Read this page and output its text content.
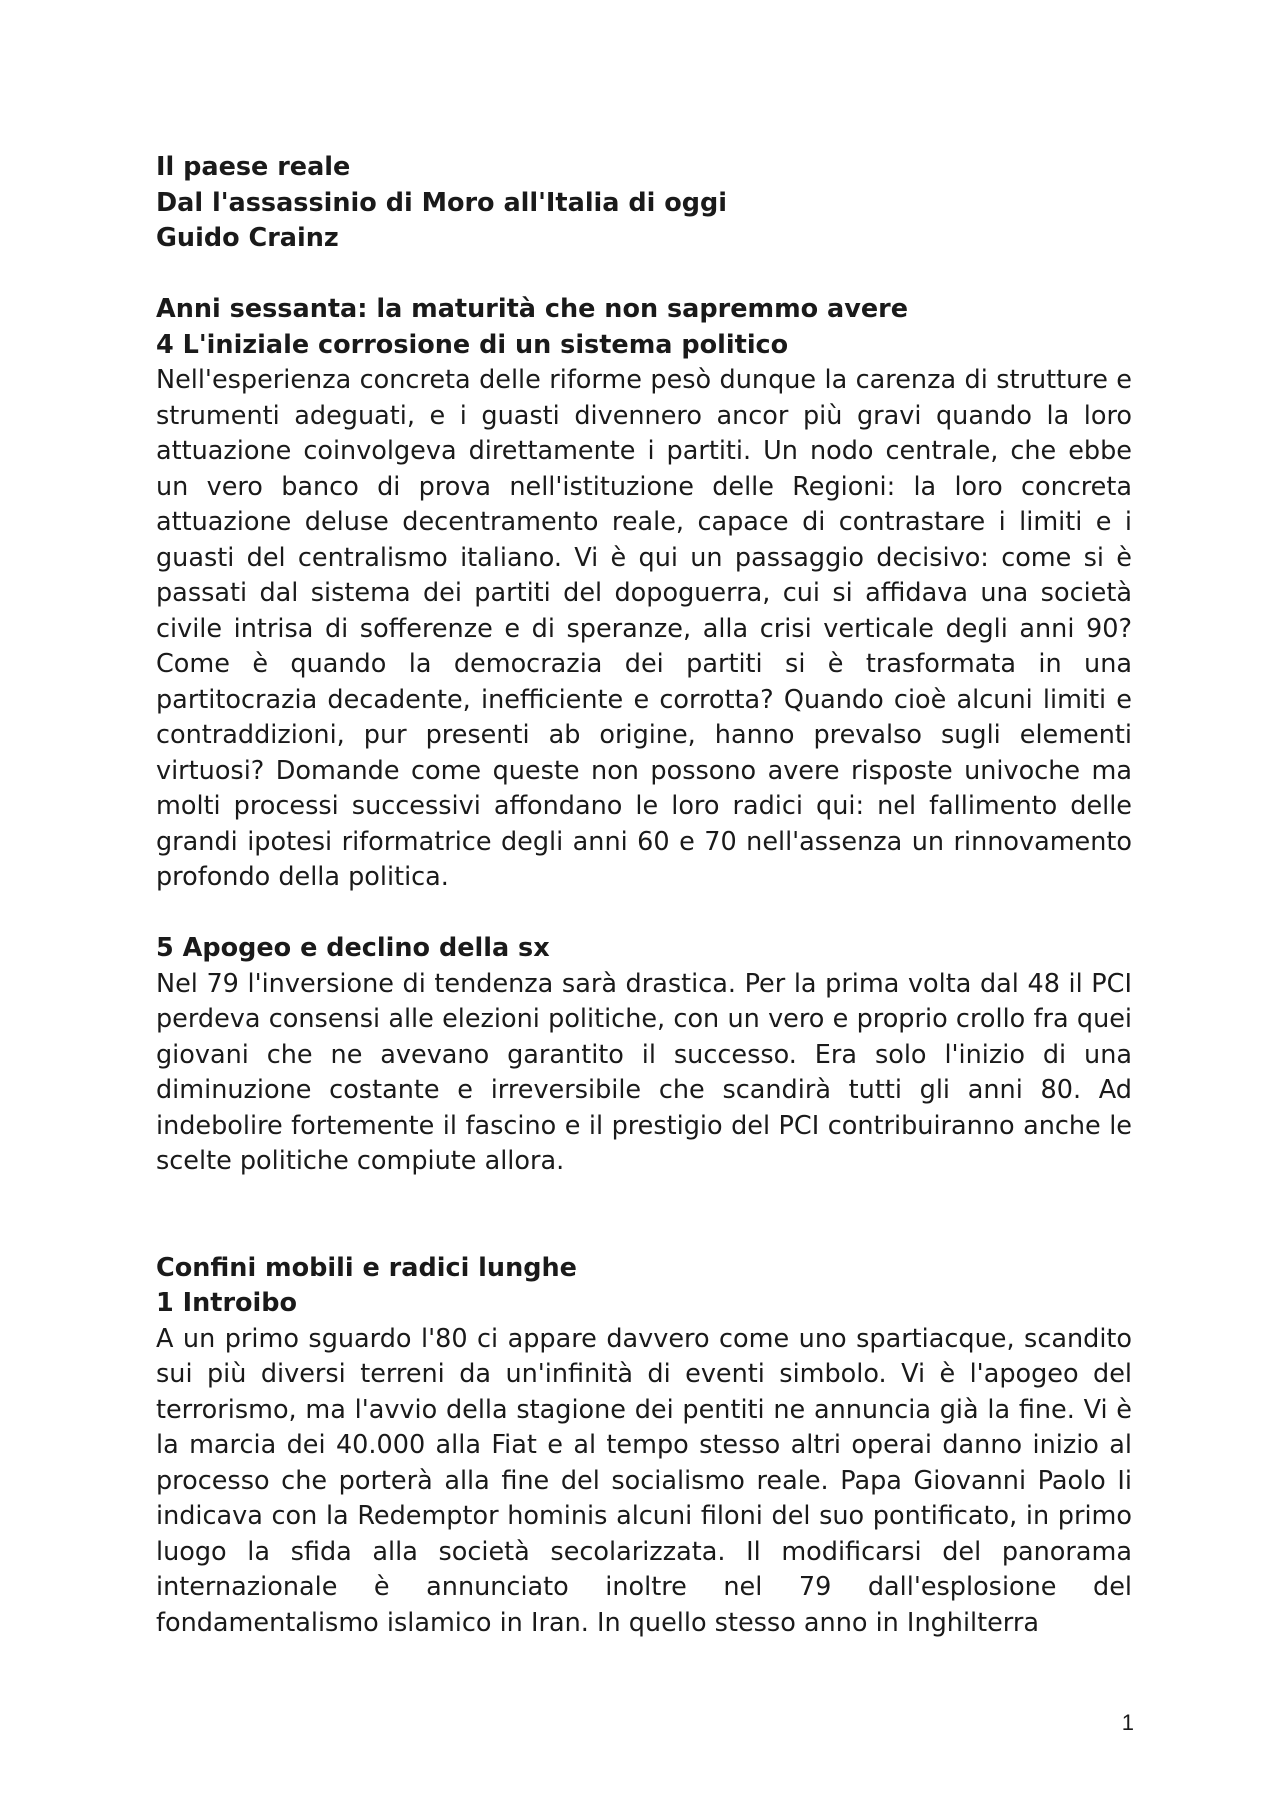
Il paese reale

Dal l'assassinio di Moro all'Italia di oggi

Guido Crainz

Anni sessanta: la maturità che non sapremmo avere

4 L'iniziale corrosione di un sistema politico

Nell'esperienza concreta delle riforme pesò dunque la carenza di strutture e strumenti adeguati, e i guasti divennero ancor più gravi quando la loro attuazione coinvolgeva direttamente i partiti. Un nodo centrale, che ebbe un vero banco di prova nell'istituzione delle Regioni: la loro concreta attuazione deluse decentramento reale, capace di contrastare i limiti e i guasti del centralismo italiano. Vi è qui un passaggio decisivo: come si è passati dal sistema dei partiti del dopoguerra, cui si affidava una società civile intrisa di sofferenze e di speranze, alla crisi verticale degli anni 90? Come è quando la democrazia dei partiti si è trasformata in una partitocrazia decadente, inefficiente e corrotta? Quando cioè alcuni limiti e contraddizioni, pur presenti ab origine, hanno prevalso sugli elementi virtuosi? Domande come queste non possono avere risposte univoche ma molti processi successivi affondano le loro radici qui: nel fallimento delle grandi ipotesi riformatrice degli anni 60 e 70 nell'assenza un rinnovamento profondo della politica.

5 Apogeo e declino della sx

Nel 79 l'inversione di tendenza sarà drastica. Per la prima volta dal 48 il PCI perdeva consensi alle elezioni politiche, con un vero e proprio crollo fra quei giovani che ne avevano garantito il successo. Era solo l'inizio di una diminuzione costante e irreversibile che scandirà tutti gli anni 80. Ad indebolire fortemente il fascino e il prestigio del PCI contribuiranno anche le scelte politiche compiute allora.

Confini mobili e radici lunghe

1 Introibo

A un primo sguardo l'80 ci appare davvero come uno spartiacque, scandito sui più diversi terreni da un'infinità di eventi simbolo. Vi è l'apogeo del terrorismo, ma l'avvio della stagione dei pentiti ne annuncia già la fine. Vi è la marcia dei 40.000 alla Fiat e al tempo stesso altri operai danno inizio al processo che porterà alla fine del socialismo reale. Papa Giovanni Paolo Ii indicava con la Redemptor hominis alcuni filoni del suo pontificato, in primo luogo la sfida alla società secolarizzata. Il modificarsi del panorama internazionale è annunciato inoltre nel 79 dall'esplosione del fondamentalismo islamico in Iran. In quello stesso anno in Inghilterra

1
